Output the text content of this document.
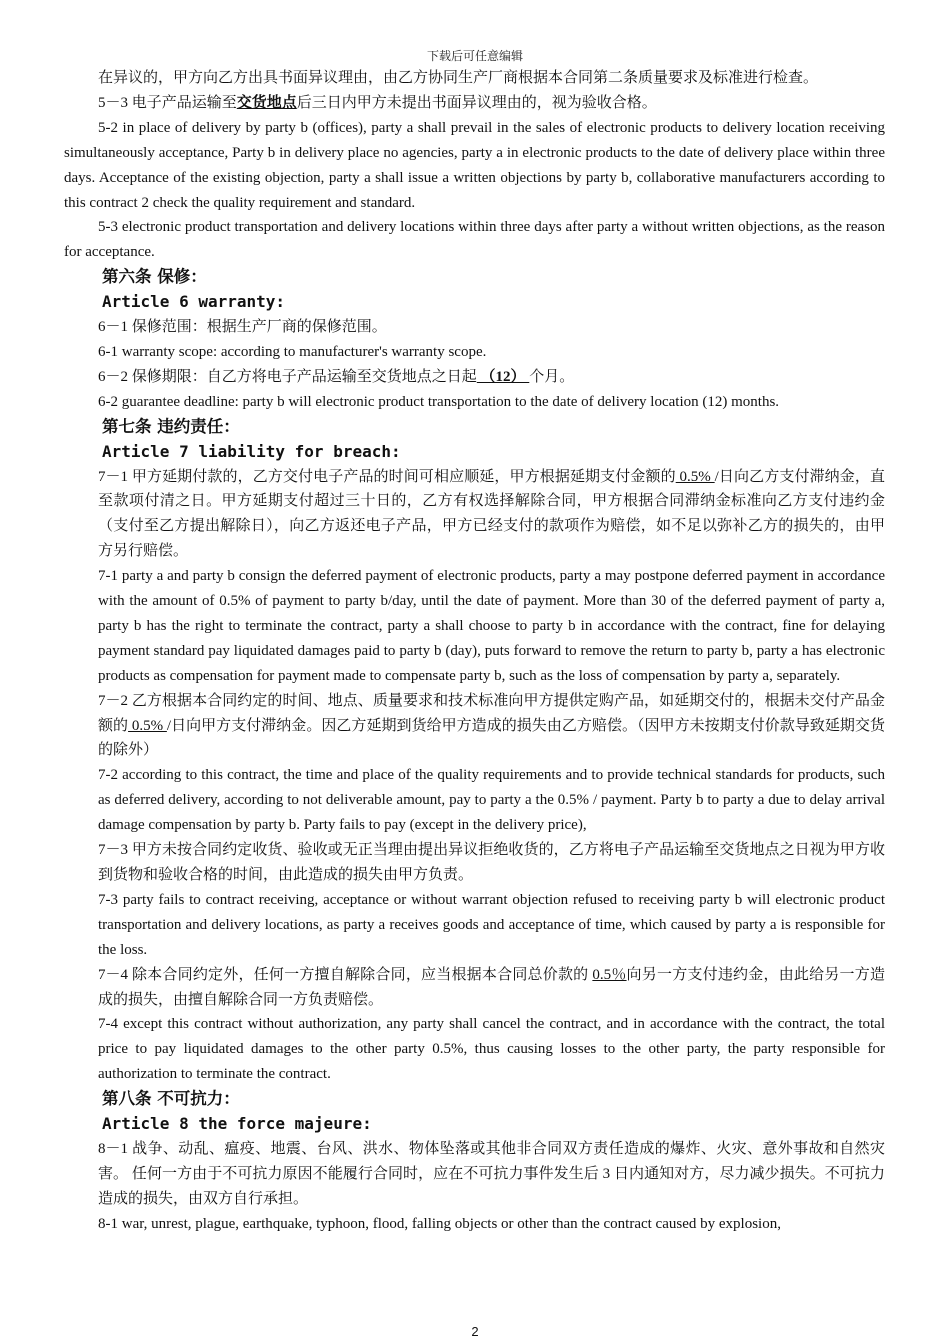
下载后可任意编辑

在异议的，甲方向乙方出具书面异议理由，由乙方协同生产厂商根据本合同第二条质量要求及标准进行检查。

5－3 电子产品运输至交货地点后三日内甲方未提出书面异议理由的，视为验收合格。

5-2 in place of delivery by party b (offices), party a shall prevail in the sales of electronic products to delivery location receiving simultaneously acceptance, Party b in delivery place no agencies, party a in electronic products to the date of delivery place within three days. Acceptance of the existing objection, party a shall issue a written objections by party b, collaborative manufacturers according to this contract 2 check the quality requirement and standard.

5-3 electronic product transportation and delivery locations within three days after party a without written objections, as the reason for acceptance.

第六条 保修：
Article 6 warranty:

6－1 保修范围：根据生产厂商的保修范围。

6-1 warranty scope: according to manufacturer's warranty scope.

6－2 保修期限：自乙方将电子产品运输至交货地点之日起 （12） 个月。

6-2 guarantee deadline: party b will electronic product transportation to the date of delivery location (12) months.

第七条 违约责任：
Article 7 liability for breach:

7－1 甲方延期付款的，乙方交付电子产品的时间可相应顺延，甲方根据延期支付金额的 0.5% /日向乙方支付滞纳金，直至款项付清之日。甲方延期支付超过三十日的，乙方有权选择解除合同，甲方根据合同滞纳金标准向乙方支付违约金（支付至乙方提出解除日），向乙方返还电子产品，甲方已经支付的款项作为赔偿，如不足以弥补乙方的损失的，由甲方另行赔偿。

7-1 party a and party b consign the deferred payment of electronic products, party a may postpone deferred payment in accordance with the amount of 0.5% of payment to party b/day, until the date of payment. More than 30 of the deferred payment of party a, party b has the right to terminate the contract, party a shall choose to party b in accordance with the contract, fine for delaying payment standard pay liquidated damages paid to party b (day), puts forward to remove the return to party b, party a has electronic products as compensation for payment made to compensate party b, such as the loss of compensation by party a, separately.

7－2 乙方根据本合同约定的时间、地点、质量要求和技术标准向甲方提供定购产品，如延期交付的，根据未交付产品金额的 0.5% /日向甲方支付滞纳金。因乙方延期到货给甲方造成的损失由乙方赔偿。（因甲方未按期支付价款导致延期交货的除外）

7-2 according to this contract, the time and place of the quality requirements and to provide technical standards for products, such as deferred delivery, according to not deliverable amount, pay to party a the 0.5% / payment. Party b to party a due to delay arrival damage compensation by party b. Party fails to pay (except in the delivery price),

7－3 甲方未按合同约定收货、验收或无正当理由提出异议拒绝收货的，乙方将电子产品运输至交货地点之日视为甲方收到货物和验收合格的时间，由此造成的损失由甲方负责。

7-3 party fails to contract receiving, acceptance or without warrant objection refused to receiving party b will electronic product transportation and delivery locations, as party a receives goods and acceptance of time, which caused by party a is responsible for the loss.

7－4 除本合同约定外，任何一方擅自解除合同，应当根据本合同总价款的 0.5％向另一方支付违约金，由此给另一方造成的损失，由擅自解除合同一方负责赔偿。

7-4 except this contract without authorization, any party shall cancel the contract, and in accordance with the contract, the total price to pay liquidated damages to the other party 0.5%, thus causing losses to the other party, the party responsible for authorization to terminate the contract.

第八条 不可抗力：
Article 8 the force majeure:

8－1 战争、动乱、瘟疫、地震、台风、洪水、物体坠落或其他非合同双方责任造成的爆炸、火灾、意外事故和自然灾害。 任何一方由于不可抗力原因不能履行合同时，应在不可抗力事件发生后 3 日内通知对方，尽力减少损失。不可抗力造成的损失，由双方自行承担。

8-1 war, unrest, plague, earthquake, typhoon, flood, falling objects or other than the contract caused by explosion,

2
